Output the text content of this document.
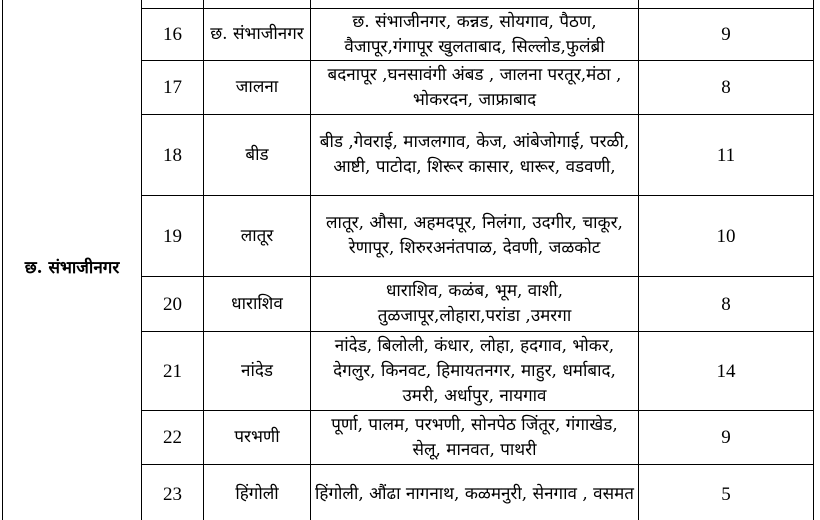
छ. संभाजीनगर				
	16	छ. संभाजीनगर	छ. संभाजीनगर, कन्नड, सोयगाव, पैठण, वैजापूर,गंगापूर खुलताबाद, सिल्लोड,फुलंब्री	9
	17	जालना	बदनापूर ,घनसावंगी अंबड , जालना परतूर,मंठा , भोकरदन, जाफ्राबाद	8
	18	बीड	बीड ,गेवराई, माजलगाव, केज, आंबेजोगाई, परळी, आष्टी, पाटोदा, शिरूर कासार, धारूर, वडवणी,	11
	19	लातूर	लातूर, औसा, अहमदपूर, निलंगा, उदगीर, चाकूर, रेणापूर, शिरुरअनंतपाळ, देवणी, जळकोट	10
	20	धाराशिव	धाराशिव, कळंब, भूम, वाशी, तुळजापूर,लोहारा,परांडा ,उमरगा	8
	21	नांदेड	नांदेड, बिलोली, कंधार, लोहा, हदगाव, भोकर, देगलुर, किनवट, हिमायतनगर, माहुर, धर्माबाद, उमरी, अर्धापुर, नायगाव	14
	22	परभणी	पूर्णा, पालम, परभणी, सोनपेठ जिंतूर, गंगाखेड, सेलू, मानवत, पाथरी	9
	23	हिंगोली	हिंगोली, औंढा नागनाथ, कळमनुरी, सेनगाव , वसमत	5
